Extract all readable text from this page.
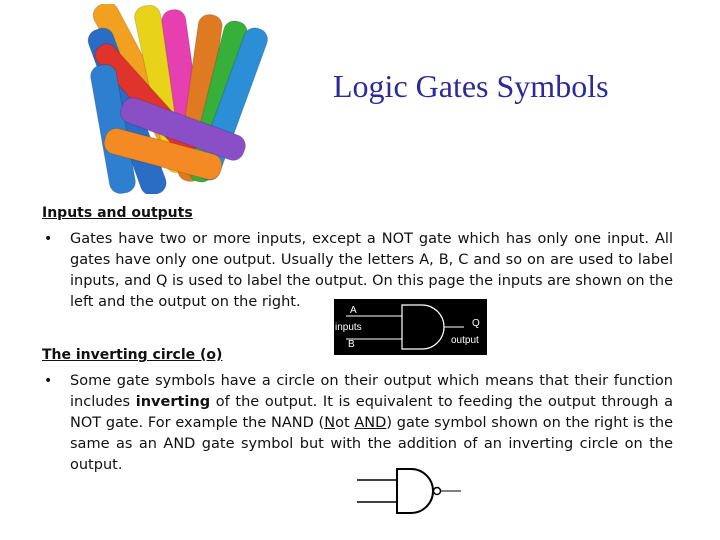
Logic Gates Symbols
Inputs and outputs
• Gates have two or more inputs, except a NOT gate which has only one input. All gates have only one output. Usually the letters A, B, C and so on are used to label inputs, and Q is used to label the output. On this page the inputs are shown on the left and the output on the right.
A
inputs
B
Q
output
The inverting circle (o)
• Some gate symbols have a circle on their output which means that their function includes inverting of the output. It is equivalent to feeding the output through a NOT gate. For example the NAND (Not AND) gate symbol shown on the right is the same as an AND gate symbol but with the addition of an inverting circle on the output.
